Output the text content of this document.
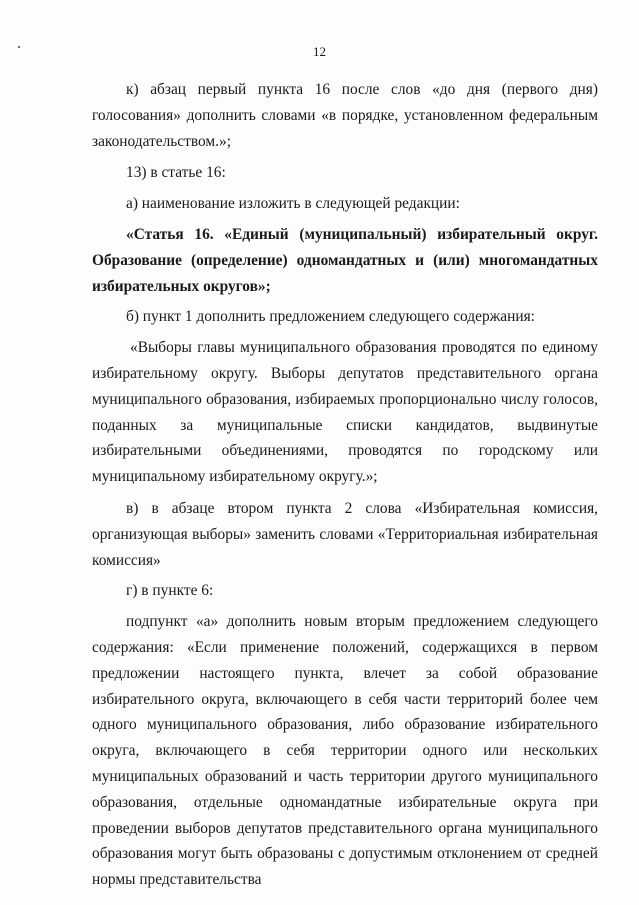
12

к) абзац первый пункта 16 после слов «до дня (первого дня) голосования» дополнить словами «в порядке, установленном федеральным законодательством.»;

13) в статье 16:

а) наименование изложить в следующей редакции:

«Статья 16. «Единый (муниципальный) избирательный округ. Образование (определение) одномандатных и (или) многомандатных избирательных округов»;

б) пункт 1 дополнить предложением следующего содержания:

«Выборы главы муниципального образования проводятся по единому избирательному округу. Выборы депутатов представительного органа муниципального образования, избираемых пропорционально числу голосов, поданных за муниципальные списки кандидатов, выдвинутые избирательными объединениями, проводятся по городскому или муниципальному избирательному округу.»;

в) в абзаце втором пункта 2 слова «Избирательная комиссия, организующая выборы» заменить словами «Территориальная избирательная комиссия»

г) в пункте 6:

подпункт «а» дополнить новым вторым предложением следующего содержания: «Если применение положений, содержащихся в первом предложении настоящего пункта, влечет за собой образование избирательного округа, включающего в себя части территорий более чем одного муниципального образования, либо образование избирательного округа, включающего в себя территории одного или нескольких муниципальных образований и часть территории другого муниципального образования, отдельные одномандатные избирательные округа при проведении выборов депутатов представительного органа муниципального образования могут быть образованы с допустимым отклонением от средней нормы представительства
